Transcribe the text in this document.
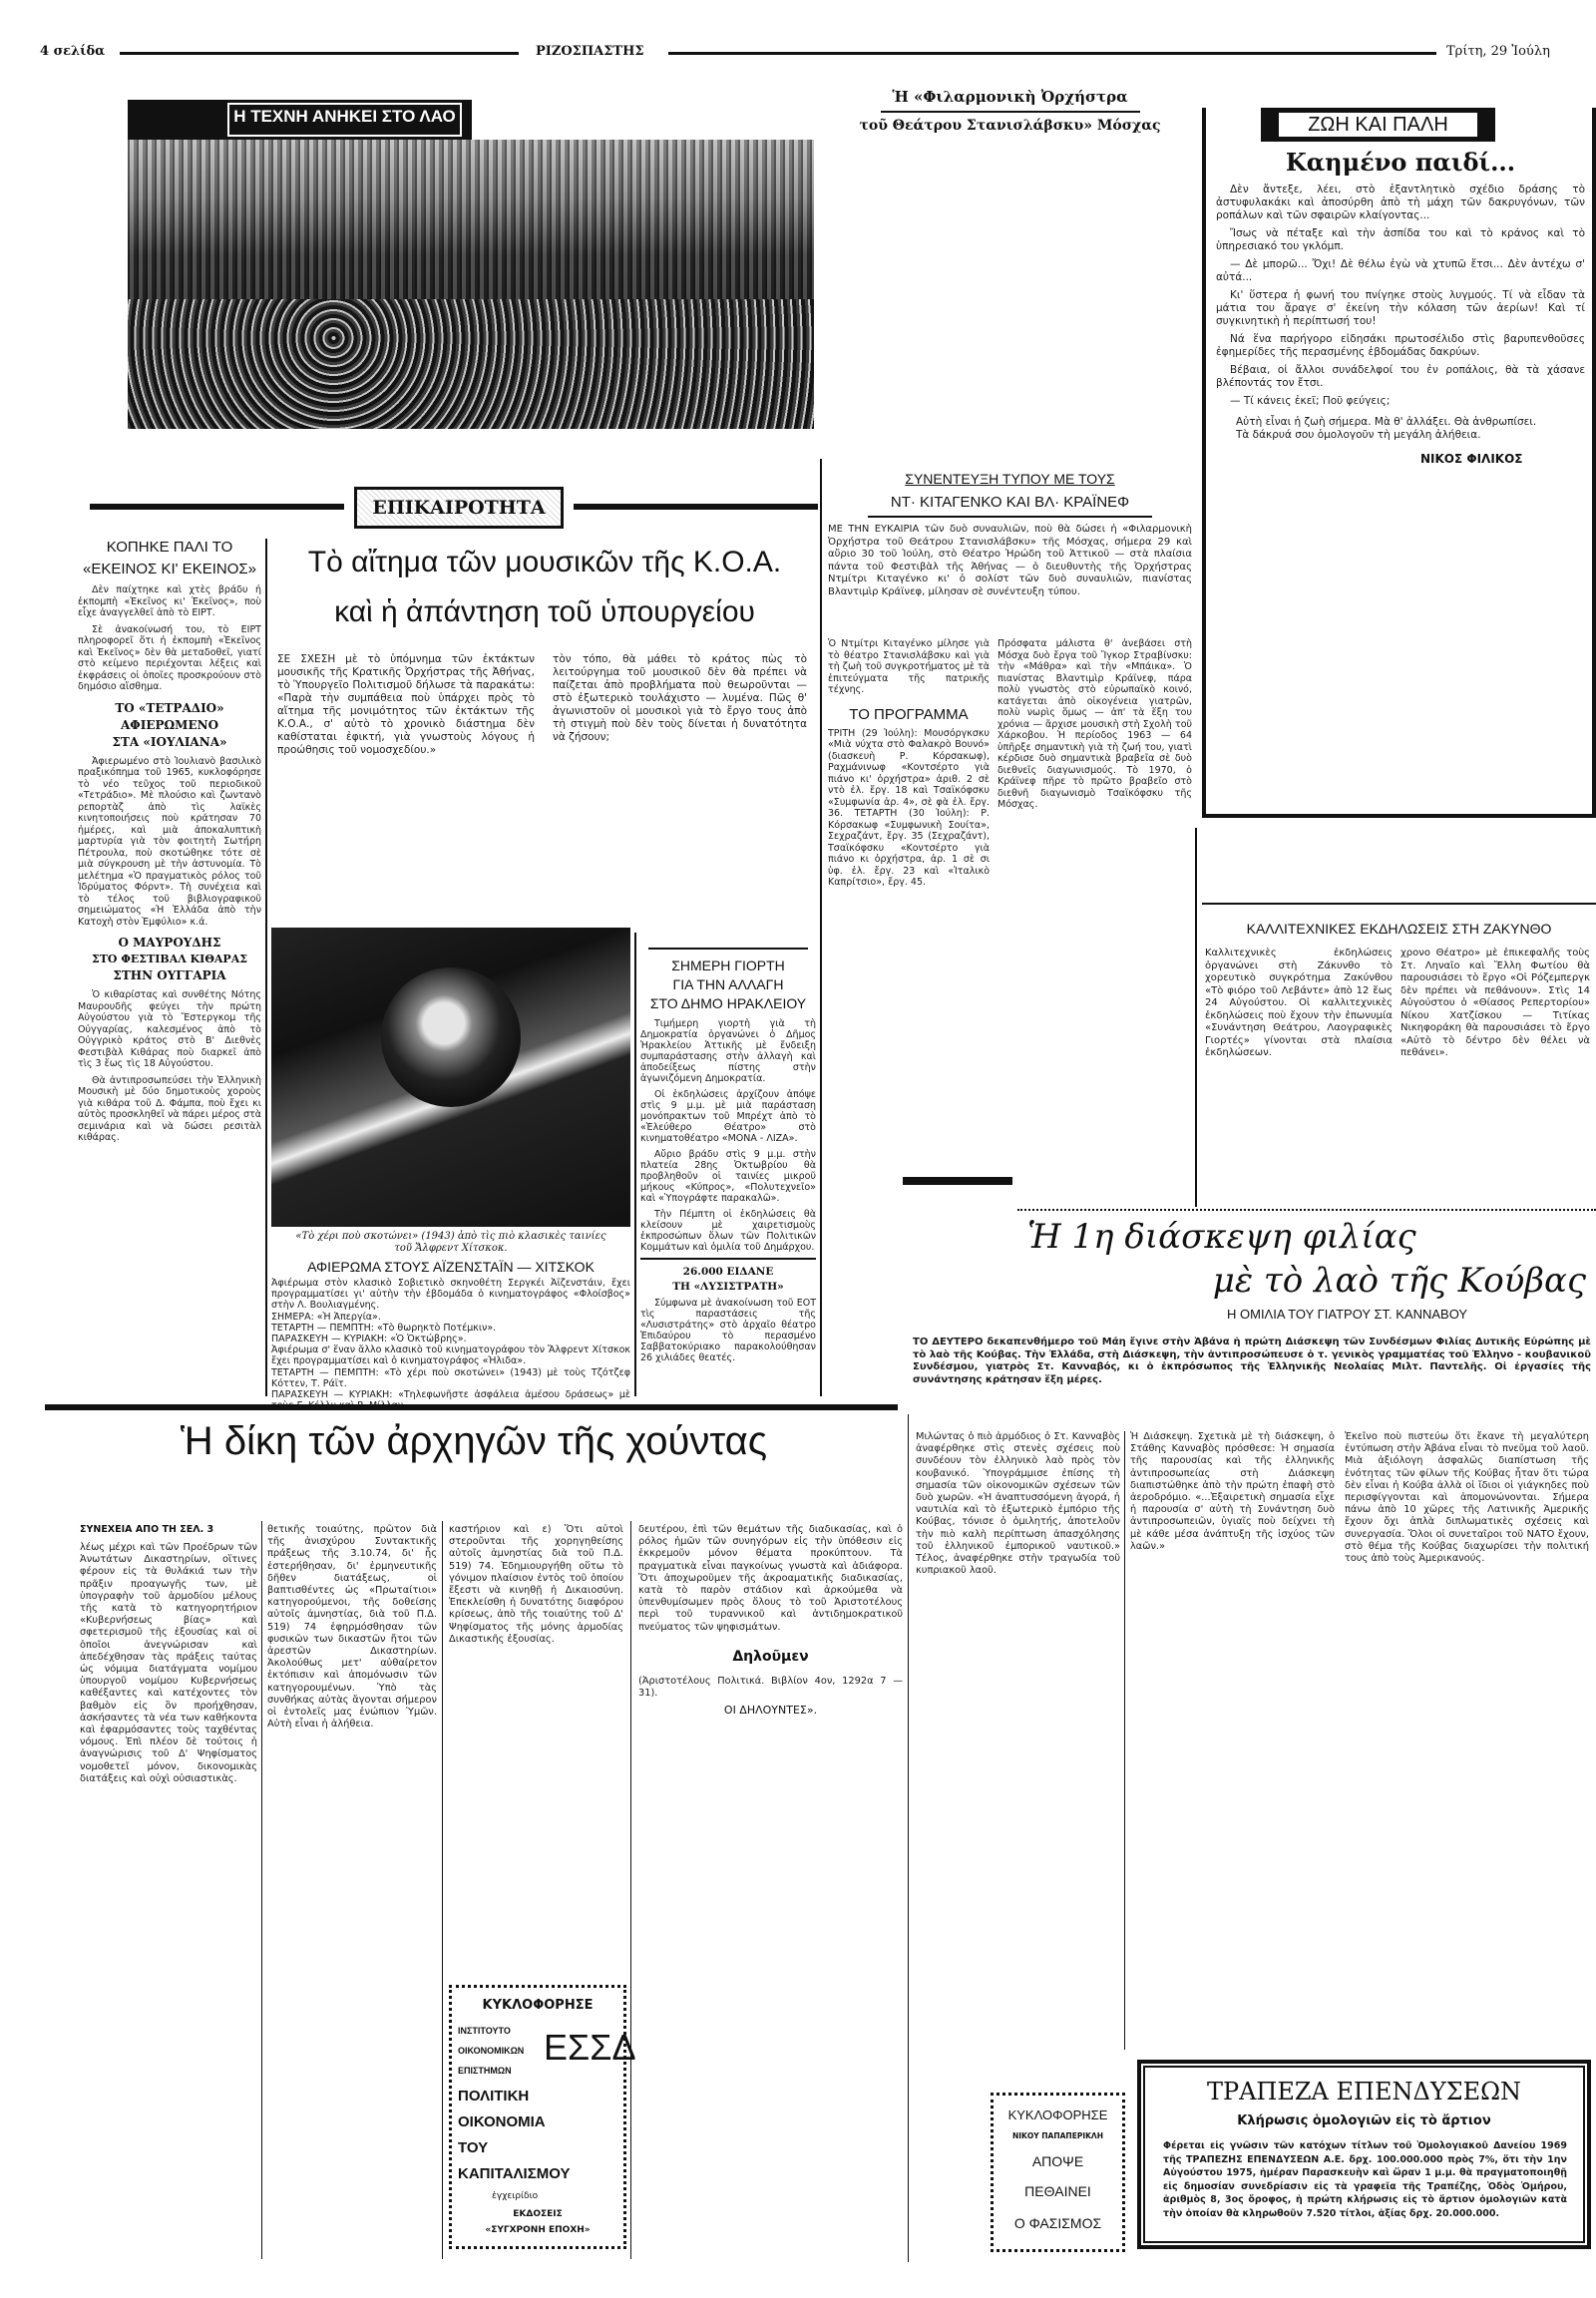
4 σελίδα	ΡΙΖΟΣΠΑΣΤΗΣ	Τρίτη, 29 Ἰούλη
Η ΤΕΧΝΗ ΑΝΗΚΕΙ ΣΤΟ ΛΑΟ
Ἡ «Φιλαρμονικὴ Ὀρχήστρα
τοῦ Θεάτρου Στανισλάβσκυ» Μόσχας	ΖΩΗ ΚΑΙ ΠΑΛΗ
Καημένο παιδί...

Δὲν ἄντεξε, λέει, στὸ ἐξαντλητικὸ σχέδιο δράσης τὸ ἀστυφυλακάκι καὶ ἀποσύρθη ἀπὸ τὴ μάχη τῶν δακρυγόνων, τῶν ροπάλων καὶ τῶν σφαιρῶν κλαίγοντας...

Ἴσως νὰ πέταξε καὶ τὴν ἀσπίδα του καὶ τὸ κράνος καὶ τὸ ὑπηρεσιακό του γκλόμπ.

— Δὲ μπορῶ... Ὄχι! Δὲ θέλω ἐγὼ νὰ χτυπῶ ἔτσι... Δὲν ἀντέχω σ' αὐτά...

Κι' ὕστερα ἡ φωνή του πνίγηκε στοὺς λυγμούς. Τί νὰ εἶδαν τὰ μάτια του ἄραγε σ' ἐκείνη τὴν κόλαση τῶν ἀερίων! Καὶ τί συγκινητικὴ ἡ περίπτωσή του!

Νά ἕνα παρήγορο εἰδησάκι πρωτοσέλιδο στὶς βαρυπενθοῦσες ἐφημερίδες τῆς περασμένης ἑβδομάδας δακρύων.

Βέβαια, οἱ ἄλλοι συνάδελφοί του ἐν ροπάλοις, θὰ τὰ χάσανε βλέποντάς τον ἔτσι.

— Τί κάνεις ἐκεῖ; Ποῦ φεύγεις;

Αὐτὴ εἶναι ἡ ζωὴ σήμερα. Μὰ θ' ἀλλάξει. Θὰ ἀνθρωπίσει.
Τὰ δάκρυά σου ὁμολογοῦν τὴ μεγάλη ἀλήθεια.
ΝΙΚΟΣ ΦΙΛΙΚΟΣ
ΕΠΙΚΑΙΡΟΤΗΤΑ
ΚΟΠΗΚΕ ΠΑΛΙ ΤΟ
«ΕΚΕΙΝΟΣ ΚΙ' ΕΚΕΙΝΟΣ»

Δὲν παίχτηκε καὶ χτὲς βράδυ ἡ ἐκπομπὴ «Ἐκεῖνος κι' Ἐκεῖνος», ποὺ εἶχε ἀναγγελθεῖ ἀπὸ τὸ ΕΙΡΤ.

Σὲ ἀνακοίνωσή του, τὸ ΕΙΡΤ πληροφορεῖ ὅτι ἡ ἐκπομπὴ «Ἐκεῖνος καὶ Ἐκεῖνος» δὲν θὰ μεταδοθεῖ, γιατί στὸ κείμενο περιέχονται λέξεις καὶ ἐκφράσεις οἱ ὁποῖες προσκρούουν στὸ δημόσιο αἴσθημα.

ΤΟ «ΤΕΤΡΑΔΙΟ»
ΑΦΙΕΡΩΜΕΝΟ
ΣΤΑ «ΙΟΥΛΙΑΝΑ»

Ἀφιερωμένο στὸ Ἰουλιανὸ βασιλικὸ πραξικόπημα τοῦ 1965, κυκλοφόρησε τὸ νέο τεῦχος τοῦ περιοδικοῦ «Τετράδιο». Μὲ πλούσιο καὶ ζωντανὸ ρεπορτὰζ ἀπὸ τὶς λαϊκὲς κινητοποιήσεις ποὺ κράτησαν 70 ἡμέρες, καὶ μιὰ ἀποκαλυπτικὴ μαρτυρία γιὰ τὸν φοιτητὴ Σωτήρη Πέτρουλα, ποὺ σκοτώθηκε τότε σὲ μιὰ σύγκρουση μὲ τὴν ἀστυνομία. Τὸ μελέτημα «Ὁ πραγματικὸς ρόλος τοῦ Ἱδρύματος Φόρντ». Τὴ συνέχεια καὶ τὸ τέλος τοῦ βιβλιογραφικοῦ σημειώματος «Ἡ Ἑλλάδα ἀπὸ τὴν Κατοχὴ στὸν Ἐμφύλιο» κ.ά.

Ο ΜΑΥΡΟΥΔΗΣ
ΣΤΟ ΦΕΣΤΙΒΑΛ ΚΙΘΑΡΑΣ
ΣΤΗΝ ΟΥΓΓΑΡΙΑ

Ὁ κιθαρίστας καὶ συνθέτης Νότης Μαυρουδῆς φεύγει τὴν πρώτη Αὐγούστου γιὰ τὸ Ἔστεργκομ τῆς Οὐγγαρίας, καλεσμένος ἀπὸ τὸ Οὐγγρικὸ κράτος στὸ Β' Διεθνὲς Φεστιβὰλ Κιθάρας ποὺ διαρκεῖ ἀπὸ τὶς 3 ἕως τὶς 18 Αὐγούστου.

Θὰ ἀντιπροσωπεύσει τὴν Ἑλληνικὴ Μουσικὴ μὲ δύο δημοτικοὺς χοροὺς γιὰ κιθάρα τοῦ Δ. Φάμπα, ποὺ ἔχει κι αὐτὸς προσκληθεῖ νὰ πάρει μέρος στὰ σεμινάρια καὶ νὰ δώσει ρεσιτὰλ κιθάρας.

Τὸ αἴτημα τῶν μουσικῶν τῆς Κ.Ο.Α.
καὶ ἡ ἀπάντηση τοῦ ὑπουργείου
ΣΕ ΣΧΕΣΗ μὲ τὸ ὑπόμνημα τῶν ἐκτάκτων μουσικῆς τῆς Κρατικῆς Ὀρχήστρας τῆς Ἀθήνας, τὸ Ὑπουργεῖο Πολιτισμοῦ δήλωσε τὰ παρακάτω: «Παρὰ τὴν συμπάθεια ποὺ ὑπάρχει πρὸς τὸ αἴτημα τῆς μονιμότητος τῶν ἐκτάκτων τῆς Κ.Ο.Α., σ' αὐτὸ τὸ χρονικὸ διάστημα δὲν καθίσταται ἐφικτή, γιὰ γνωστοὺς λόγους ἡ προώθησις τοῦ νομοσχεδίου.»
τὸν τόπο, θὰ μάθει τὸ κράτος πὼς τὸ λειτούργημα τοῦ μουσικοῦ δὲν θὰ πρέπει νὰ παίζεται ἀπὸ προβλήματα ποὺ θεωροῦνται — στὸ ἐξωτερικὸ τουλάχιστο — λυμένα. Πῶς θ' ἀγωνιστοῦν οἱ μουσικοὶ γιὰ τὸ ἔργο τους ἀπὸ τὴ στιγμὴ ποὺ δὲν τοὺς δίνεται ἡ δυνατότητα νὰ ζήσουν;
«Τὸ χέρι ποὺ σκοτώνει» (1943) ἀπὸ τὶς πιὸ κλασικὲς ταινίες
τοῦ Ἄλφρεντ Χίτσκοκ.
ΑΦΙΕΡΩΜΑ ΣΤΟΥΣ ΑΪΖΕΝΣΤΑΪΝ — ΧΙΤΣΚΟΚ
Ἀφιέρωμα στὸν κλασικὸ Σοβιετικὸ σκηνοθέτη Σεργκέι Ἀϊζενστάιν, ἔχει προγραμματίσει γι' αὐτὴν τὴν ἑβδομάδα ὁ κινηματογράφος «Φλοίσβος» στὴν Λ. Βουλιαγμένης.
ΣΗΜΕΡΑ: «Ἡ Ἀπεργία».
ΤΕΤΑΡΤΗ — ΠΕΜΠΤΗ: «Τὸ θωρηκτὸ Ποτέμκιν».
ΠΑΡΑΣΚΕΥΗ — ΚΥΡΙΑΚΗ: «Ὁ Ὀκτώβρης».
Ἀφιέρωμα σ' ἕναν ἄλλο κλασικὸ τοῦ κινηματογράφου τὸν Ἄλφρεντ Χίτσκοκ ἔχει προγραμματίσει καὶ ὁ κινηματογράφος «Ἡλιδα».
ΤΕΤΑΡΤΗ — ΠΕΜΠΤΗ: «Τὸ χέρι ποὺ σκοτώνει» (1943) μὲ τοὺς Τζότζεφ Κόττεν, Τ. Ράϊτ.
ΠΑΡΑΣΚΕΥΗ — ΚΥΡΙΑΚΗ: «Τηλεφωνῆστε ἀσφάλεια ἀμέσου δράσεως» μὲ
ΣΗΜΕΡΗ ΓΙΟΡΤΗ
ΓΙΑ ΤΗΝ ΑΛΛΑΓΗ
ΣΤΟ ΔΗΜΟ ΗΡΑΚΛΕΙΟΥ

Τιμήμερη γιορτὴ γιὰ τὴ Δημοκρατία ὀργανώνει ὁ Δῆμος Ἡρακλείου Ἀττικῆς μὲ ἔνδειξη συμπαράστασης στὴν ἀλλαγὴ καὶ ἀποδείξεως πίστης στὴν ἀγωνιζόμενη Δημοκρατία.

Οἱ ἐκδηλώσεις ἀρχίζουν ἀπόψε στὶς 9 μ.μ. μὲ μιὰ παράσταση μονόπρακτων τοῦ Μπρέχτ ἀπὸ τὸ «Ἐλεύθερο Θέατρο» στὸ κινηματοθέατρο «ΜΟΝΑ - ΛΙΖΑ».

Αὔριο βράδυ στὶς 9 μ.μ. στὴν πλατεία 28ης Ὀκτωβρίου θὰ προβληθοῦν οἱ ταινίες μικροῦ μήκους «Κύπρος», «Πολυτεχνεῖο» καὶ «Ὑπογράφτε παρακαλῶ».

Τὴν Πέμπτη οἱ ἐκδηλώσεις θὰ κλείσουν μὲ χαιρετισμοὺς ἐκπροσώπων ὅλων τῶν Πολιτικῶν Κομμάτων καὶ ὁμιλία τοῦ Δημάρχου.

26.000 ΕΙΔΑΝΕ
ΤΗ «ΛΥΣΙΣΤΡΑΤΗ»

Σύμφωνα μὲ ἀνακοίνωση τοῦ ΕΟΤ τὶς παραστάσεις τῆς «Λυσιστράτης» στὸ ἀρχαῖο θέατρο Ἐπιδαύρου τὸ περασμένο Σαββατοκύριακο παρακολούθησαν 26 χιλιάδες θεατές.

ΣΥΝΕΝΤΕΥΞΗ ΤΥΠΟΥ ΜΕ ΤΟΥΣ
ΝΤ· ΚΙΤΑΓΕΝΚΟ ΚΑΙ ΒΛ· ΚΡΑΪΝΕΦ
ΜΕ ΤΗΝ ΕΥΚΑΙΡΙΑ τῶν δυὸ συναυλιῶν, ποὺ θὰ δώσει ἡ «Φιλαρμονικὴ Ὀρχήστρα τοῦ Θεάτρου Στανισλάβσκυ» τῆς Μόσχας, σήμερα 29 καὶ αὔριο 30 τοῦ Ἰούλη, στὸ Θέατρο Ἡρώδη τοῦ Ἀττικοῦ — στὰ πλαίσια πάντα τοῦ Φεστιβὰλ τῆς Ἀθήνας — ὁ διευθυντὴς τῆς Ὀρχήστρας Ντμίτρι Κιταγένκο κι' ὁ σολίστ τῶν δυὸ συναυλιῶν, πιανίστας Βλαντιμὶρ Κράϊνεφ, μίλησαν σὲ συνέντευξη τύπου.
Ὁ Ντμίτρι Κιταγένκο μίλησε γιὰ τὸ θέατρο Στανισλάβσκυ καὶ γιὰ τὴ ζωὴ τοῦ συγκροτήματος μὲ τὰ ἐπιτεύγματα τῆς πατρικῆς τέχνης.
ΤΟ ΠΡΟΓΡΑΜΜΑ
ΤΡΙΤΗ (29 Ἰούλη): Μουσόργκσκυ «Μιὰ νύχτα στὸ Φαλακρὸ Βουνό» (διασκευὴ Ρ. Κόρσακωφ), Ραχμάνινωφ «Κοντσέρτο γιὰ πιάνο κι' ὀρχήστρα» ἀριθ. 2 σὲ ντὸ ἐλ. ἔργ. 18 καὶ Τσαϊκόφσκυ «Συμφωνία ἀρ. 4», σὲ φὰ ἐλ. ἔργ. 36. ΤΕΤΑΡΤΗ (30 Ἰούλη): Ρ. Κόρσακωφ «Συμφωνικὴ Σουίτα», Σεχραζάντ, ἔργ. 35 (Σεχραζάντ), Τσαϊκόφσκυ «Κοντσέρτο γιὰ πιάνο κι ὀρχήστρα, ἀρ. 1 σὲ σι ὑφ. ἐλ. ἔργ. 23 καὶ «Ἰταλικὸ Καπρίτσιο», ἔργ. 45.
Πρόσφατα μάλιστα θ' ἀνεβάσει στὴ Μόσχα δυὸ ἔργα τοῦ Ἴγκορ Στραβίνσκυ: τὴν «Μάθρα» καὶ τὴν «Μπάικα». Ὁ πιανίστας Βλαντιμὶρ Κράϊνεφ, πάρα πολὺ γνωστὸς στὸ εὐρωπαϊκὸ κοινό, κατάγεται ἀπὸ οἰκογένεια γιατρῶν, πολὺ νωρὶς ὅμως — ἀπ' τὰ ἕξη του χρόνια — ἄρχισε μουσικὴ στὴ Σχολὴ τοῦ Χάρκοβου. Ἡ περίοδος 1963 — 64 ὑπῆρξε σημαντικὴ γιὰ τὴ ζωή του, γιατὶ κέρδισε δυὸ σημαντικὰ βραβεῖα σὲ δυὸ διεθνεῖς διαγωνισμούς. Τὸ 1970, ὁ Κράϊνεφ πῆρε τὸ πρῶτο βραβεῖο στὸ διεθνῆ διαγωνισμὸ Τσαϊκόφσκυ τῆς Μόσχας.
ΚΑΛΛΙΤΕΧΝΙΚΕΣ ΕΚΔΗΛΩΣΕΙΣ ΣΤΗ ΖΑΚΥΝΘΟ
Καλλιτεχνικὲς ἐκδηλώσεις ὀργανώνει στὴ Ζάκυνθο τὸ χορευτικὸ συγκρότημα Ζακύνθου «Τὸ φιόρο τοῦ Λεβάντε» ἀπὸ 12 ἕως 24 Αὐγούστου. Οἱ καλλιτεχνικὲς ἐκδηλώσεις ποὺ ἔχουν τὴν ἐπωνυμία «Συνάντηση Θεάτρου, Λαογραφικὲς Γιορτές» γίνονται στὰ πλαίσια ἐκδηλώσεων.
χρονο Θέατρο» μὲ ἐπικεφαλῆς τοὺς Στ. Ληναῖο καὶ Ἔλλη Φωτίου θὰ παρουσιάσει τὸ ἔργο «Οἱ Ρόζεμπεργκ δὲν πρέπει νὰ πεθάνουν». Στὶς 14 Αὐγούστου ὁ «Θίασος Ρεπερτορίου» Νίκου Χατζίσκου — Τιτίκας Νικηφοράκη θὰ παρουσιάσει τὸ ἔργο «Αὐτὸ τὸ δέντρο δὲν θέλει νὰ πεθάνει».
Ἡ 1η διάσκεψη φιλίας
μὲ τὸ λαὸ τῆς Κούβας
Η ΟΜΙΛΙΑ ΤΟΥ ΓΙΑΤΡΟΥ ΣΤ. ΚΑΝΝΑΒΟΥ
ΤΟ ΔΕΥΤΕΡΟ δεκαπενθήμερο τοῦ Μάη ἔγινε στὴν Ἀβάνα ἡ πρώτη Διάσκεψη τῶν Συνδέσμων Φιλίας Δυτικῆς Εὐρώπης μὲ τὸ λαὸ τῆς Κούβας. Τὴν Ἑλλάδα, στὴ Διάσκεψη, τὴν ἀντιπροσώπευσε ὁ τ. γενικὸς γραμματέας τοῦ Ἑλληνο - κουβανικοῦ Συνδέσμου, γιατρὸς Στ. Κανναβός, κι ὁ ἐκπρόσωπος τῆς Ἑλληνικῆς Νεολαίας Μιλτ. Παντελῆς. Οἱ ἐργασίες τῆς συνάντησης κράτησαν ἕξη μέρες.
Ἡ δίκη τῶν ἀρχηγῶν τῆς χούντας
ΣΥΝΕΧΕΙΑ ΑΠΟ ΤΗ ΣΕΛ. 3
λέως μέχρι καὶ τῶν Προέδρων τῶν Ἀνωτάτων Δικαστηρίων, οἵτινες φέρουν εἰς τὰ θυλάκιά των τὴν πρᾶξιν προαγωγῆς των, μὲ ὑπογραφὴν τοῦ ἁρμοδίου μέλους τῆς κατὰ τὸ κατηγορητήριον «Κυβερνήσεως βίας» καὶ σφετερισμοῦ τῆς ἐξουσίας καὶ οἱ ὁποῖοι ἀνεγνώρισαν καὶ ἀπεδέχθησαν τὰς πράξεις ταύτας ὡς νόμιμα διατάγματα νομίμου ὑπουργοῦ νομίμου Κυβερνήσεως καθέξαντες καὶ κατέχοντες τὸν βαθμὸν εἰς ὃν προήχθησαν, ἀσκήσαντες τὰ νέα των καθήκοντα καὶ ἐφαρμόσαντες τοὺς ταχθέντας νόμους. Ἐπὶ πλέον δὲ τούτοις ἡ ἀναγνώρισις τοῦ Δ' Ψηφίσματος νομοθετεῖ μόνον, δικονομικὰς διατάξεις καὶ οὐχὶ οὐσιαστικὰς.
θετικῆς τοιαύτης, πρῶτον διὰ τῆς ἀνισχύρου Συντακτικῆς πράξεως τῆς 3.10.74, δι' ἧς ἐστερήθησαν, δι' ἑρμηνευτικῆς δῆθεν διατάξεως, οἱ βαπτισθέντες ὡς «Πρωταίτιοι» κατηγορούμενοι, τῆς δοθείσης αὐτοῖς ἀμνηστίας, διὰ τοῦ Π.Δ. 519) 74 ἐφηρμόσθησαν τῶν φυσικῶν των δικαστῶν ἤτοι τῶν ἀρεστῶν Δικαστηρίων. Ἀκολούθως μετ' αὐθαίρετον ἐκτόπισιν καὶ ἀπομόνωσιν τῶν κατηγορουμένων. Ὑπὸ τὰς συνθήκας αὐτὰς ἄγονται σήμερον οἱ ἐντολεῖς μας ἐνώπιον Ὑμῶν. Αὐτὴ εἶναι ἡ ἀλήθεια.
καστήριον καὶ ε) Ὅτι αὐτοὶ στεροῦνται τῆς χορηγηθείσης αὐτοῖς ἀμνηστίας διὰ τοῦ Π.Δ. 519) 74. Ἐδημιουργήθη οὕτω τὸ γόνιμον πλαίσιον ἐντὸς τοῦ ὁποίου ἔξεστι νὰ κινηθῇ ἡ Δικαιοσύνη. Ἐπεκλείσθη ἡ δυνατότης διαφόρου κρίσεως, ἀπὸ τῆς τοιαύτης τοῦ Δ' Ψηφίσματος τῆς μόνης ἁρμοδίας Δικαστικῆς ἐξουσίας.
δευτέρου, ἐπὶ τῶν θεμάτων τῆς διαδικασίας, καὶ ὁ ρόλος ἡμῶν τῶν συνηγόρων εἰς τὴν ὑπόθεσιν εἰς ἐκκρεμοῦν μόνον θέματα προκύπτουν. Τὰ πραγματικὰ εἶναι παγκοίνως γνωστὰ καὶ ἀδιάφορα. Ὅτι ἀποχωροῦμεν τῆς ἀκροαματικῆς διαδικασίας, κατὰ τὸ παρὸν στάδιον καὶ ἀρκούμεθα νὰ ὑπενθυμίσωμεν πρὸς ὅλους τὸ τοῦ Ἀριστοτέλους περὶ τοῦ τυραννικοῦ καὶ ἀντιδημοκρατικοῦ πνεύματος τῶν ψηφισμάτων.
Δηλοῦμεν
(Ἀριστοτέλους Πολιτικά. Βιβλίον 4ον, 1292α 7 — 31).
ΟΙ ΔΗΛΟΥΝΤΕΣ».
ΚΥΚΛΟΦΟΡΗΣΕ
ΙΝΣΤΙΤΟΥΤΟ
ΟΙΚΟΝΟΜΙΚΩΝ
ΕΠΙΣΤΗΜΩΝ
ΕΣΣΔ
ΠΟΛΙΤΙΚΗ
ΟΙΚΟΝΟΜΙΑ
ΤΟΥ
ΚΑΠΙΤΑΛΙΣΜΟΥ
ἐγχειρίδιο
ΕΚΔΟΣΕΙΣ
«ΣΥΓΧΡΟΝΗ ΕΠΟΧΗ»
Μιλώντας ὁ πιὸ ἀρμόδιος ὁ Στ. Κανναβὸς ἀναφέρθηκε στὶς στενὲς σχέσεις ποὺ συνδέουν τὸν ἑλληνικὸ λαὸ πρὸς τὸν κουβανικό. Ὑπογράμμισε ἐπίσης τὴ σημασία τῶν οἰκονομικῶν σχέσεων τῶν δυὸ χωρῶν. «Ἡ ἀναπτυσσόμενη ἀγορά, ἡ ναυτιλία καὶ τὸ ἐξωτερικὸ ἐμπόριο τῆς Κούβας, τόνισε ὁ ὁμιλητής, ἀποτελοῦν τὴν πιὸ καλὴ περίπτωση ἀπασχόλησης τοῦ ἑλληνικοῦ ἐμπορικοῦ ναυτικοῦ.» Τέλος, ἀναφέρθηκε στὴν τραγωδία τοῦ κυπριακοῦ λαοῦ.
Ἡ Διάσκεψη. Σχετικὰ μὲ τὴ διάσκεψη, ὁ Στάθης Κανναβὸς πρόσθεσε: Ἡ σημασία τῆς παρουσίας καὶ τῆς ἑλληνικῆς ἀντιπροσωπείας στὴ Διάσκεψη διαπιστώθηκε ἀπὸ τὴν πρώτη ἐπαφὴ στὸ ἀεροδρόμιο. «...Ἐξαιρετικὴ σημασία εἶχε ἡ παρουσία σ' αὐτὴ τὴ Συνάντηση δυὸ ἀντιπροσωπειῶν, ὑγιαῖς ποὺ δείχνει τὴ μὲ κάθε μέσα ἀνάπτυξη τῆς ἰσχύος τῶν λαῶν.»
Ἐκεῖνο ποὺ πιστεύω ὅτι ἔκανε τὴ μεγαλύτερη ἐντύπωση στὴν Ἀβάνα εἶναι τὸ πνεῦμα τοῦ λαοῦ. Μιὰ ἀξιόλογη ἀσφαλῶς διαπίστωση τῆς ἑνότητας τῶν φίλων τῆς Κούβας ἦταν ὅτι τώρα δὲν εἶναι ἡ Κούβα ἀλλὰ οἱ ἴδιοι οἱ γιάγκηδες ποὺ περισφίγγονται καὶ ἀπομονώνονται. Σήμερα πάνω ἀπὸ 10 χῶρες τῆς Λατινικῆς Ἀμερικῆς ἔχουν ὄχι ἁπλὰ διπλωματικὲς σχέσεις καὶ συνεργασία. Ὅλοι οἱ συνεταῖροι τοῦ ΝΑΤΟ ἔχουν, στὸ θέμα τῆς Κούβας διαχωρίσει τὴν πολιτική τους ἀπὸ τοὺς Ἀμερικανούς.
ΚΥΚΛΟΦΟΡΗΣΕ
ΝΙΚΟΥ ΠΑΠΑΠΕΡΙΚΛΗ
ΑΠΟΨΕ
ΠΕΘΑΙΝΕΙ
Ο ΦΑΣΙΣΜΟΣ
ΤΡΑΠΕΖΑ ΕΠΕΝΔΥΣΕΩΝ
Κλήρωσις ὁμολογιῶν εἰς τὸ ἄρτιον
Φέρεται εἰς γνῶσιν τῶν κατόχων τίτλων τοῦ Ὁμολογιακοῦ Δανείου 1969 τῆς ΤΡΑΠΕΖΗΣ ΕΠΕΝΔΥΣΕΩΝ Α.Ε. δρχ. 100.000.000 πρὸς 7%, ὅτι τὴν 1ην Αὐγούστου 1975, ἡμέραν Παρασκευὴν καὶ ὥραν 1 μ.μ. θὰ πραγματοποιηθῇ εἰς δημοσίαν συνεδρίασιν εἰς τὰ γραφεῖα τῆς Τραπέζης, Ὁδὸς Ὁμήρου, ἀριθμὸς 8, 3ος ὄροφος, ἡ πρώτη κλήρωσις εἰς τὸ ἄρτιον ὁμολογιῶν κατὰ τὴν ὁποίαν θὰ κληρωθοῦν 7.520 τίτλοι, ἀξίας δρχ. 20.000.000.
